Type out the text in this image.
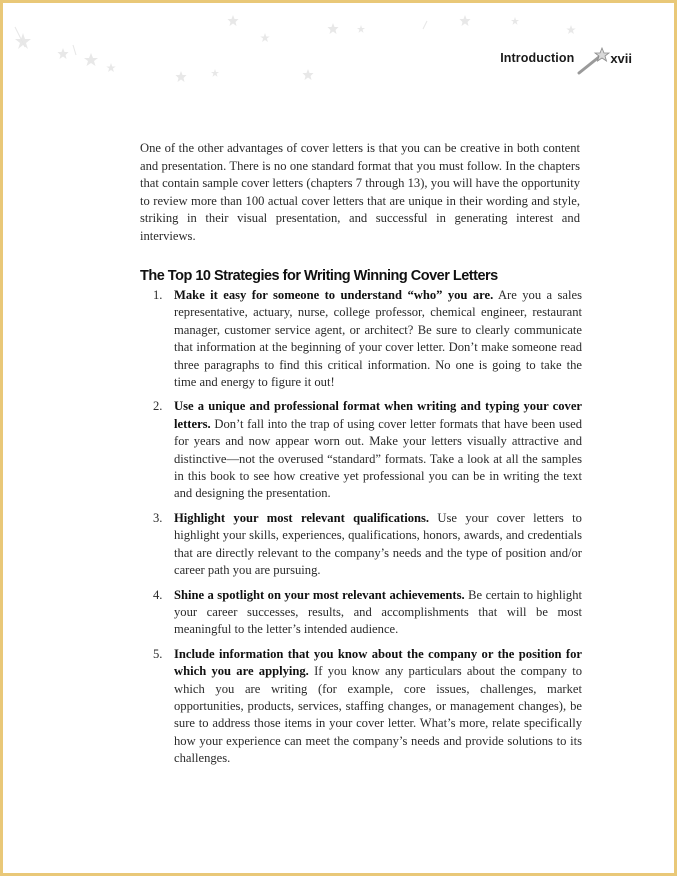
Introduction	xvii

One of the other advantages of cover letters is that you can be creative in both content and presentation. There is no one standard format that you must follow. In the chapters that contain sample cover letters (chapters 7 through 13), you will have the opportunity to review more than 100 actual cover letters that are unique in their wording and style, striking in their visual presentation, and successful in generating interest and interviews.

The Top 10 Strategies for Writing Winning Cover Letters
1. Make it easy for someone to understand “who” you are. Are you a sales representative, actuary, nurse, college professor, chemical engineer, restaurant manager, customer service agent, or architect? Be sure to clearly communicate that information at the beginning of your cover letter. Don’t make someone read three paragraphs to find this critical information. No one is going to take the time and energy to figure it out!
2. Use a unique and professional format when writing and typing your cover letters. Don’t fall into the trap of using cover letter formats that have been used for years and now appear worn out. Make your letters visually attractive and distinctive—not the overused “standard” formats. Take a look at all the samples in this book to see how creative yet professional you can be in writing the text and designing the presentation.
3. Highlight your most relevant qualifications. Use your cover letters to highlight your skills, experiences, qualifications, honors, awards, and credentials that are directly relevant to the company’s needs and the type of position and/or career path you are pursuing.
4. Shine a spotlight on your most relevant achievements. Be certain to highlight your career successes, results, and accomplishments that will be most meaningful to the letter’s intended audience.
5. Include information that you know about the company or the position for which you are applying. If you know any particulars about the company to which you are writing (for example, core issues, challenges, market opportunities, products, services, staffing changes, or management changes), be sure to address those items in your cover letter. What’s more, relate specifically how your experience can meet the company’s needs and provide solutions to its challenges.
